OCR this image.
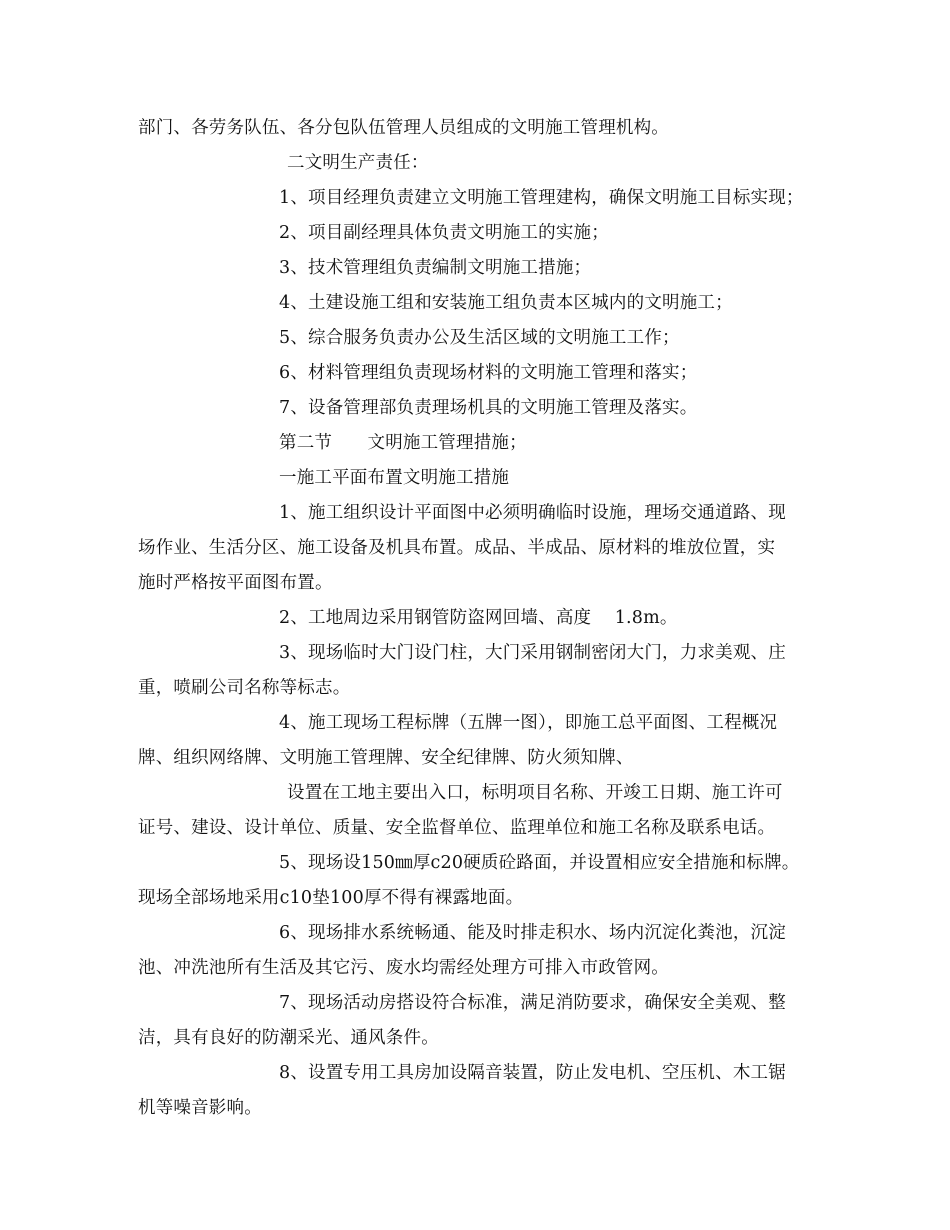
部门、各劳务队伍、各分包队伍管理人员组成的文明施工管理机构。
二文明生产责任：
1、项目经理负责建立文明施工管理建构，确保文明施工目标实现；
2、项目副经理具体负责文明施工的实施；
3、技术管理组负责编制文明施工措施；
4、土建设施工组和安装施工组负责本区城内的文明施工；
5、综合服务负责办公及生活区域的文明施工工作；
6、材料管理组负责现场材料的文明施工管理和落实；
7、设备管理部负责理场机具的文明施工管理及落实。
第二节　　文明施工管理措施；
一施工平面布置文明施工措施
1、施工组织设计平面图中必须明确临时设施，理场交通道路、现
场作业、生活分区、施工设备及机具布置。成品、半成品、原材料的堆放位置，实
施时严格按平面图布置。
2、工地周边采用钢管防盗网回墙、高度　 1.8m。
3、现场临时大门设门柱，大门采用钢制密闭大门，力求美观、庄
重，喷刷公司名称等标志。
4、施工现场工程标牌（五牌一图），即施工总平面图、工程概况
牌、组织网络牌、文明施工管理牌、安全纪律牌、防火须知牌、
设置在工地主要出入口，标明项目名称、开竣工日期、施工许可
证号、建设、设计单位、质量、安全监督单位、监理单位和施工名称及联系电话。
5、现场设150㎜厚c20硬质砼路面，并设置相应安全措施和标牌。
现场全部场地采用c10垫100厚不得有裸露地面。
6、现场排水系统畅通、能及时排走积水、场内沉淀化粪池，沉淀
池、冲洗池所有生活及其它污、废水均需经处理方可排入市政管网。
7、现场活动房搭设符合标准，满足消防要求，确保安全美观、整
洁，具有良好的防潮采光、通风条件。
8、设置专用工具房加设隔音装置，防止发电机、空压机、木工锯
机等噪音影响。
